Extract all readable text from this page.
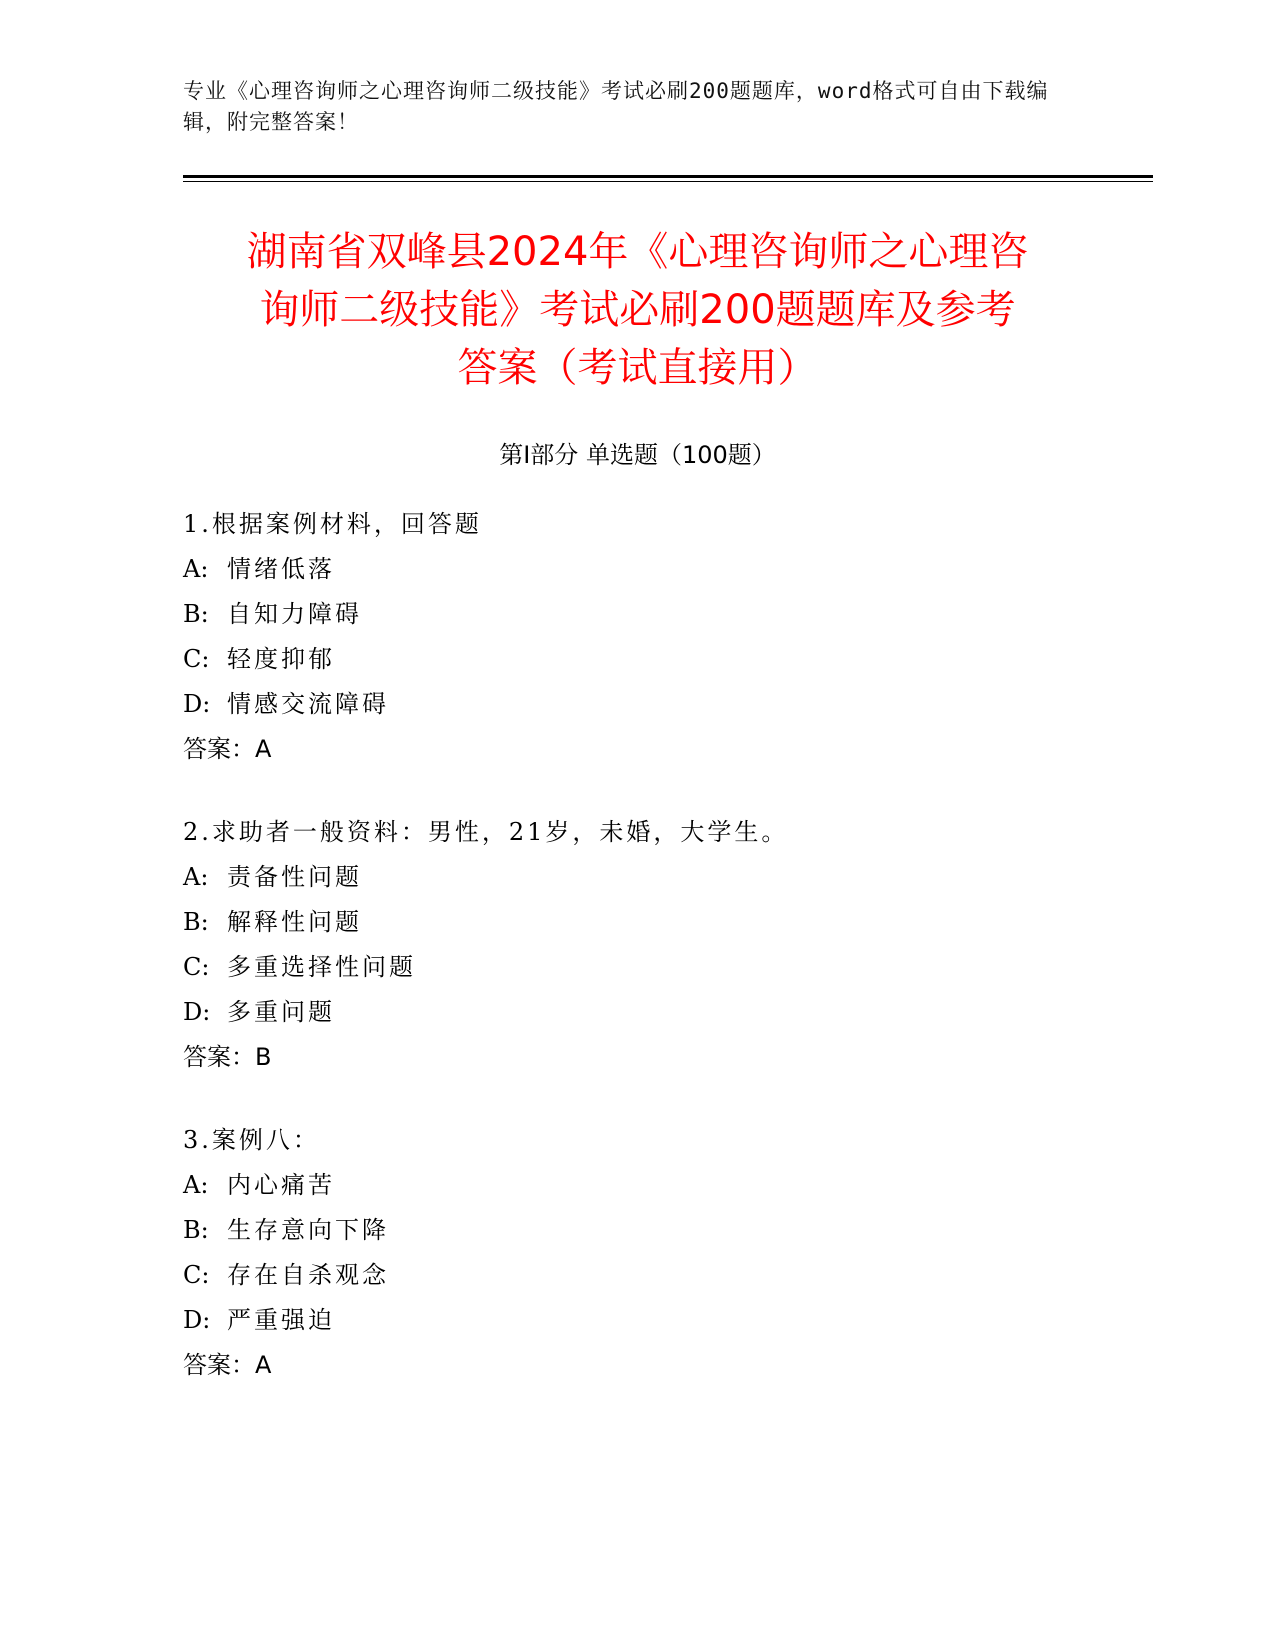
专业《心理咨询师之心理咨询师二级技能》考试必刷200题题库，word格式可自由下载编辑，附完整答案！
湖南省双峰县2024年《心理咨询师之心理咨
询师二级技能》考试必刷200题题库及参考
答案（考试直接用）
第Ⅰ部分 单选题（100题）
1.根据案例材料，回答题
A: 情绪低落
B: 自知力障碍
C: 轻度抑郁
D: 情感交流障碍
答案：A
2.求助者一般资料：男性，21岁，未婚，大学生。
A: 责备性问题
B: 解释性问题
C: 多重选择性问题
D: 多重问题
答案：B
3.案例八：
A: 内心痛苦
B: 生存意向下降
C: 存在自杀观念
D: 严重强迫
答案：A
